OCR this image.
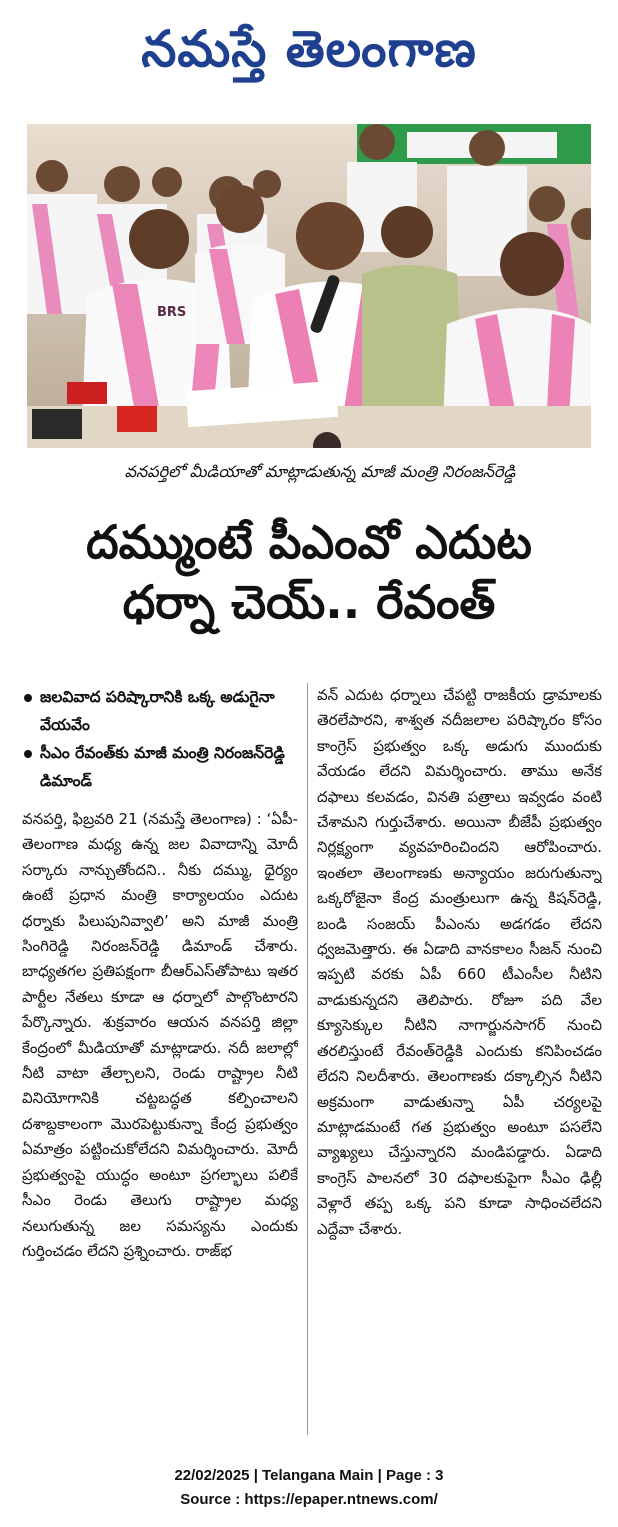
నమస్తే తెలంగాణ
BRS
వనపర్తిలో మీడియాతో మాట్లాడుతున్న మాజీ మంత్రి నిరంజన్‌రెడ్డి
దమ్ముంటే పీఎంవో ఎదుట
ధర్నా చెయ్.. రేవంత్
జలవివాద పరిష్కారానికి ఒక్క అడుగైనా వేయవేం
సీఎం రేవంత్‌కు మాజీ మంత్రి నిరంజన్‌రెడ్డి డిమాండ్

వనపర్తి, ఫిబ్రవరి 21 (నమస్తే తెలంగాణ) : ‘ఏపీ-తెలంగాణ మధ్య ఉన్న జల వివాదాన్ని మోదీ సర్కారు నాన్చుతోందని.. నీకు దమ్ము, ధైర్యం ఉంటే ప్రధాన మంత్రి కార్యాలయం ఎదుట ధర్నాకు పిలుపునివ్వాలి’ అని మాజీ మంత్రి సింగిరెడ్డి నిరంజన్‌రెడ్డి డిమాండ్ చేశారు. బాధ్యతగల ప్రతిపక్షంగా బీఆర్‌ఎస్‌తోపాటు ఇతర పార్టీల నేతలు కూడా ఆ ధర్నాలో పాల్గొంటారని పేర్కొన్నారు. శుక్రవారం ఆయన వనపర్తి జిల్లా కేంద్రంలో మీడియాతో మాట్లాడారు. నదీ జలాల్లో నీటి వాటా తేల్చాలని, రెండు రాష్ట్రాల నీటి వినియోగానికి చట్టబద్ధత కల్పించాలని దశాబ్దకాలంగా మొరపెట్టుకున్నా కేంద్ర ప్రభుత్వం ఏమాత్రం పట్టించుకోలేదని విమర్శించారు. మోదీ ప్రభుత్వంపై యుద్ధం అంటూ ప్రగల్భాలు పలికే సీఎం రెండు తెలుగు రాష్ట్రాల మధ్య నలుగుతున్న జల సమస్యను ఎందుకు గుర్తించడం లేదని ప్రశ్నించారు. రాజ్‌భ

వన్ ఎదుట ధర్నాలు చేపట్టి రాజకీయ డ్రామాలకు తెరలేపారని, శాశ్వత నదీజలాల పరిష్కారం కోసం కాంగ్రెస్ ప్రభుత్వం ఒక్క అడుగు ముందుకు వేయడం లేదని విమర్శించారు. తాము అనేక దఫాలు కలవడం, వినతి పత్రాలు ఇవ్వడం వంటి చేశామని గుర్తుచేశారు. అయినా బీజేపీ ప్రభుత్వం నిర్లక్ష్యంగా వ్యవహరించిందని ఆరోపించారు. ఇంతలా తెలంగాణకు అన్యాయం జరుగుతున్నా ఒక్కరోజైనా కేంద్ర మంత్రులుగా ఉన్న కిషన్‌రెడ్డి, బండి సంజయ్ పీఎంను అడగడం లేదని ధ్వజమెత్తారు. ఈ ఏడాది వానకాలం సీజన్ నుంచి ఇప్పటి వరకు ఏపీ 660 టీఎంసీల నీటిని వాడుకున్నదని తెలిపారు. రోజూ పది వేల క్యూసెక్కుల నీటిని నాగార్జునసాగర్ నుంచి తరలిస్తుంటే రేవంత్‌రెడ్డికి ఎందుకు కనిపించడం లేదని నిలదీశారు. తెలంగాణకు దక్కాల్సిన నీటిని అక్రమంగా వాడుతున్నా ఏపీ చర్యలపై మాట్లాడమంటే గత ప్రభుత్వం అంటూ పసలేని వ్యాఖ్యలు చేస్తున్నారని మండిపడ్డారు. ఏడాది కాంగ్రెస్ పాలనలో 30 దఫాలకుపైగా సీఎం ఢిల్లీ వెళ్లారే తప్ప ఒక్క పని కూడా సాధించలేదని ఎద్దేవా చేశారు.

22/02/2025 | Telangana Main | Page : 3
Source : https://epaper.ntnews.com/
